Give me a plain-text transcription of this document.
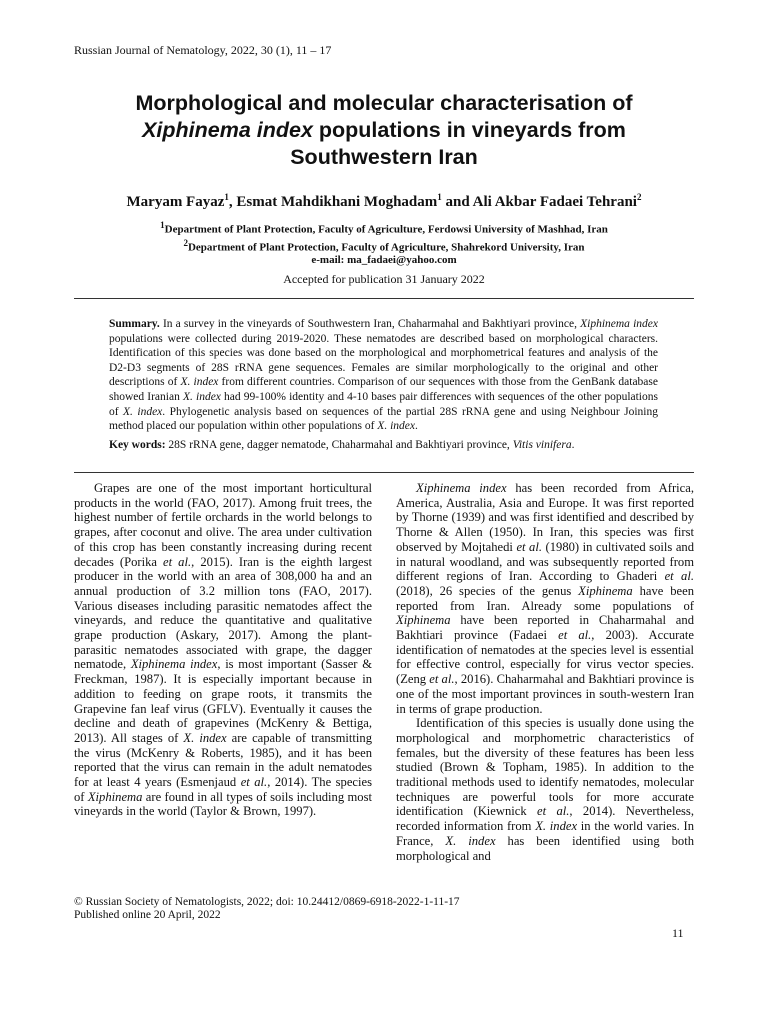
Russian Journal of Nematology, 2022, 30 (1), 11 – 17
Morphological and molecular characterisation of
Xiphinema index populations in vineyards from
Southwestern Iran
Maryam Fayaz$^1$, Esmat Mahdikhani Moghadam$^1$ and Ali Akbar Fadaei Tehrani$^2$
$^1$Department of Plant Protection, Faculty of Agriculture, Ferdowsi University of Mashhad, Iran
$^2$Department of Plant Protection, Faculty of Agriculture, Shahrekord University, Iran
e-mail: ma_fadaei@yahoo.com
Accepted for publication 31 January 2022

Summary. In a survey in the vineyards of Southwestern Iran, Chaharmahal and Bakhtiyari province, Xiphinema index populations were collected during 2019-2020. These nematodes are described based on morphological characters. Identification of this species was done based on the morphological and morphometrical features and analysis of the D2-D3 segments of 28S rRNA gene sequences. Females are similar morphologically to the original and other descriptions of X. index from different countries. Comparison of our sequences with those from the GenBank database showed Iranian X. index had 99-100% identity and 4-10 bases pair differences with sequences of the other populations of X. index. Phylogenetic analysis based on sequences of the partial 28S rRNA gene and using Neighbour Joining method placed our population within other populations of X. index.

Key words: 28S rRNA gene, dagger nematode, Chaharmahal and Bakhtiyari province, Vitis vinifera.

Grapes are one of the most important horticultural products in the world (FAO, 2017). Among fruit trees, the highest number of fertile orchards in the world belongs to grapes, after coconut and olive. The area under cultivation of this crop has been constantly increasing during recent decades (Porika et al., 2015). Iran is the eighth largest producer in the world with an area of 308,000 ha and an annual production of 3.2 million tons (FAO, 2017). Various diseases including parasitic nematodes affect the vineyards, and reduce the quantitative and qualitative grape production (Askary, 2017). Among the plant-parasitic nematodes associated with grape, the dagger nematode, Xiphinema index, is most important (Sasser & Freckman, 1987). It is especially important because in addition to feeding on grape roots, it transmits the Grapevine fan leaf virus (GFLV). Eventually it causes the decline and death of grapevines (McKenry & Bettiga, 2013). All stages of X. index are capable of transmitting the virus (McKenry & Roberts, 1985), and it has been reported that the virus can remain in the adult nematodes for at least 4 years (Esmenjaud et al., 2014). The species of Xiphinema are found in all types of soils including most vineyards in the world (Taylor & Brown, 1997).

Xiphinema index has been recorded from Africa, America, Australia, Asia and Europe. It was first reported by Thorne (1939) and was first identified and described by Thorne & Allen (1950). In Iran, this species was first observed by Mojtahedi et al. (1980) in cultivated soils and in natural woodland, and was subsequently reported from different regions of Iran. According to Ghaderi et al. (2018), 26 species of the genus Xiphinema have been reported from Iran. Already some populations of Xiphinema have been reported in Chaharmahal and Bakhtiari province (Fadaei et al., 2003). Accurate identification of nematodes at the species level is essential for effective control, especially for virus vector species. (Zeng et al., 2016). Chaharmahal and Bakhtiari province is one of the most important provinces in south-western Iran in terms of grape production.

Identification of this species is usually done using the morphological and morphometric characteristics of females, but the diversity of these features has been less studied (Brown & Topham, 1985). In addition to the traditional methods used to identify nematodes, molecular techniques are powerful tools for more accurate identification (Kiewnick et al., 2014). Nevertheless, recorded information from X. index in the world varies. In France, X. index has been identified using both morphological and

© Russian Society of Nematologists, 2022; doi: 10.24412/0869-6918-2022-1-11-17
Published online 20 April, 2022
11
